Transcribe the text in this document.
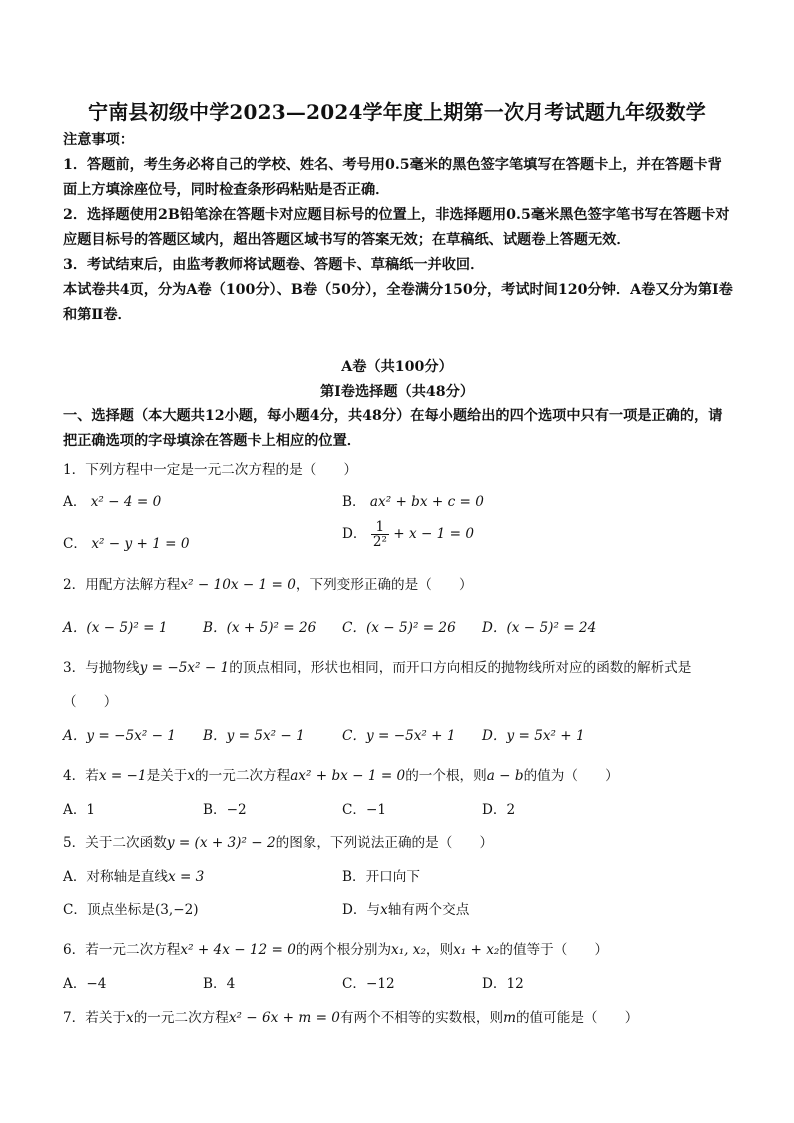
宁南县初级中学2023—2024学年度上期第一次月考试题九年级数学
注意事项：
1．答题前，考生务必将自己的学校、姓名、考号用0.5毫米的黑色签字笔填写在答题卡上，并在答题卡背面上方填涂座位号，同时检查条形码粘贴是否正确．
2．选择题使用2B铅笔涂在答题卡对应题目标号的位置上，非选择题用0.5毫米黑色签字笔书写在答题卡对应题目标号的答题区域内，超出答题区域书写的答案无效；在草稿纸、试题卷上答题无效．
3．考试结束后，由监考教师将试题卷、答题卡、草稿纸一并收回．
本试卷共4页，分为A卷（100分）、B卷（50分），全卷满分150分，考试时间120分钟．A卷又分为第Ⅰ卷和第Ⅱ卷．
A卷（共100分）
第Ⅰ卷选择题（共48分）
一、选择题（本大题共12小题，每小题4分，共48分）在每小题给出的四个选项中只有一项是正确的，请把正确选项的字母填涂在答题卡上相应的位置．
1．下列方程中一定是一元二次方程的是（　　）
A． x² − 4 = 0	B． ax² + bx + c = 0
C． x² − y + 1 = 0
D． $\frac{1}{\text{2²}} + x - 1 = 0$
2．用配方法解方程x² − 10x − 1 = 0，下列变形正确的是（　　）
A．(x − 5)² = 1	B．(x + 5)² = 26 C．(x − 5)² = 26 D．(x − 5)² = 24
3．与抛物线y = −5x² − 1的顶点相同，形状也相同，而开口方向相反的抛物线所对应的函数的解析式是
（　　）
A．y = −5x² − 1 B．y = 5x² − 1	C．y = −5x² + 1 D．y = 5x² + 1
4．若x = −1是关于x的一元二次方程ax² + bx − 1 = 0的一个根，则a − b的值为（　　）
A．1	B．−2	C．−1	D．2
5．关于二次函数y = (x + 3)² − 2的图象，下列说法正确的是（　　）
A．对称轴是直线x = 3	B．开口向下
C．顶点坐标是(3,−2)	D．与x轴有两个交点
6．若一元二次方程x² + 4x − 12 = 0的两个根分别为x₁, x₂，则x₁ + x₂的值等于（　　）
A．−4	B．4	C．−12	D．12
7．若关于x的一元二次方程x² − 6x + m = 0有两个不相等的实数根，则m的值可能是（　　）
